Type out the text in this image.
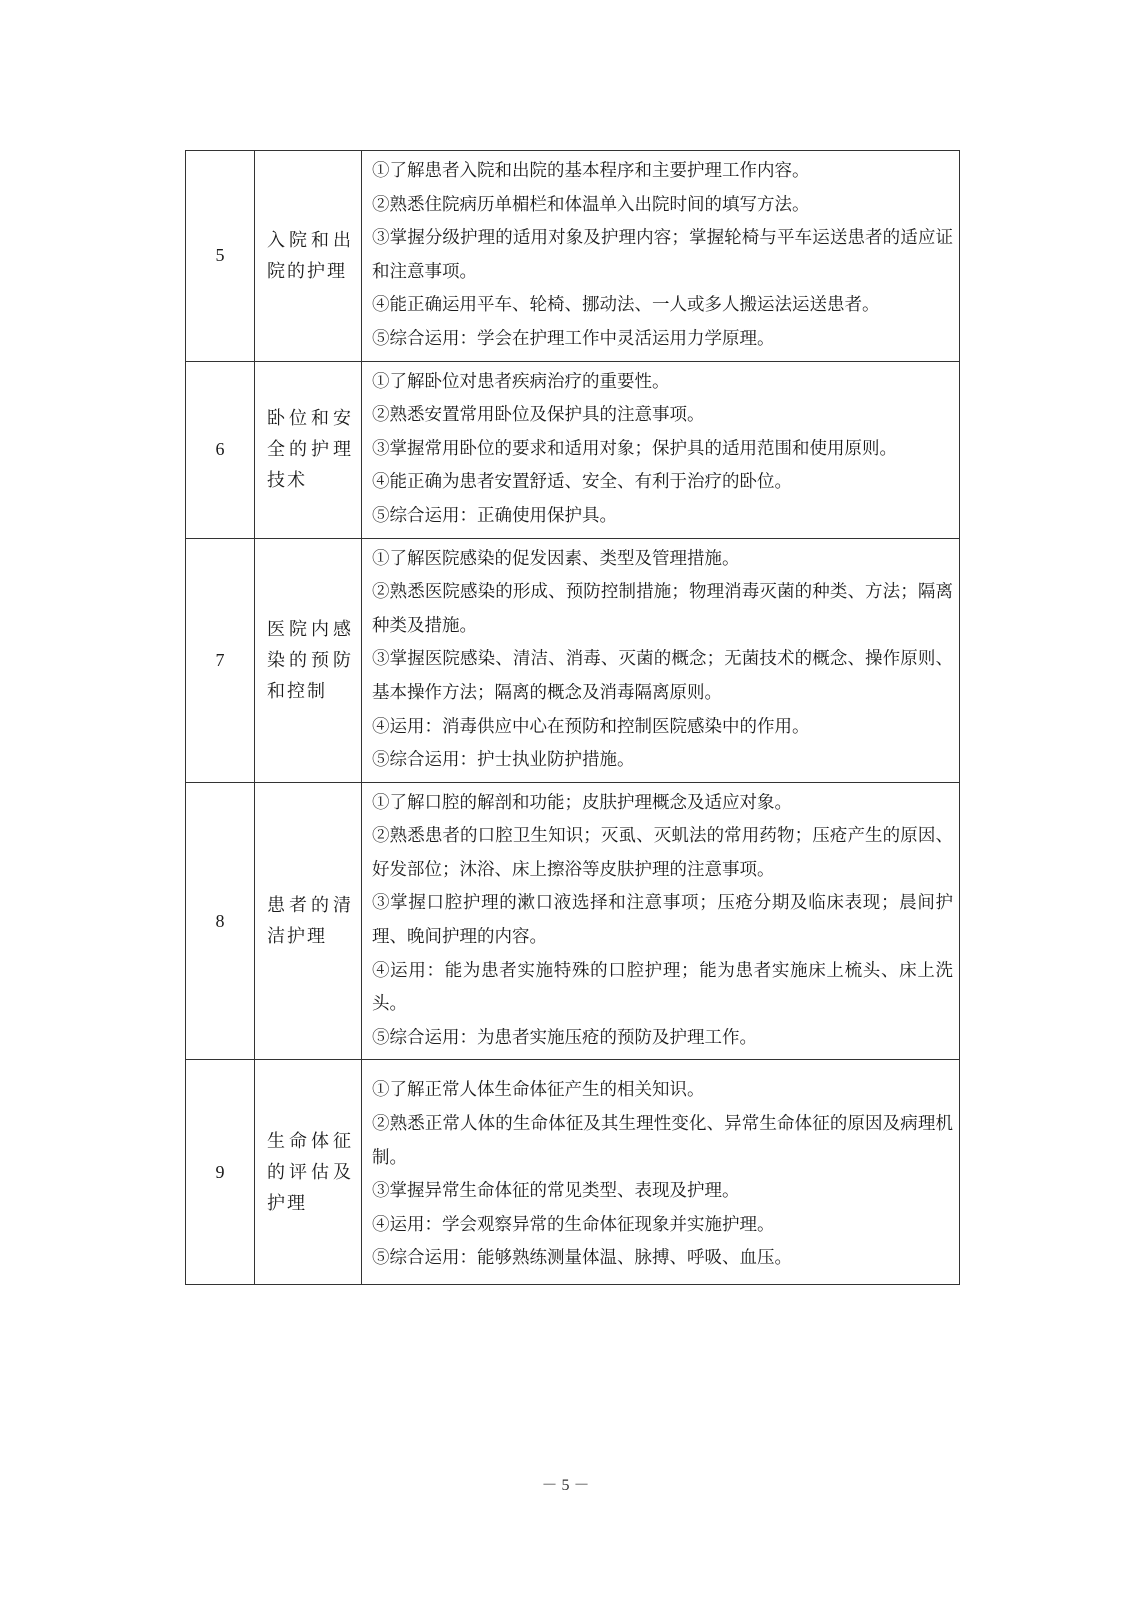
5	入院和出院的护理	①了解患者入院和出院的基本程序和主要护理工作内容。

②熟悉住院病历单楣栏和体温单入出院时间的填写方法。

③掌握分级护理的适用对象及护理内容；掌握轮椅与平车运送患者的适应证和注意事项。

④能正确运用平车、轮椅、挪动法、一人或多人搬运法运送患者。

⑤综合运用：学会在护理工作中灵活运用力学原理。

6	卧位和安全的护理技术	①了解卧位对患者疾病治疗的重要性。

②熟悉安置常用卧位及保护具的注意事项。

③掌握常用卧位的要求和适用对象；保护具的适用范围和使用原则。

④能正确为患者安置舒适、安全、有利于治疗的卧位。

⑤综合运用：正确使用保护具。

7	医院内感染的预防和控制	①了解医院感染的促发因素、类型及管理措施。

②熟悉医院感染的形成、预防控制措施；物理消毒灭菌的种类、方法；隔离种类及措施。

③掌握医院感染、清洁、消毒、灭菌的概念；无菌技术的概念、操作原则、基本操作方法；隔离的概念及消毒隔离原则。

④运用：消毒供应中心在预防和控制医院感染中的作用。

⑤综合运用：护士执业防护措施。

8	患者的清洁护理	①了解口腔的解剖和功能；皮肤护理概念及适应对象。

②熟悉患者的口腔卫生知识；灭虱、灭虮法的常用药物；压疮产生的原因、好发部位；沐浴、床上擦浴等皮肤护理的注意事项。

③掌握口腔护理的漱口液选择和注意事项；压疮分期及临床表现；晨间护理、晚间护理的内容。

④运用：能为患者实施特殊的口腔护理；能为患者实施床上梳头、床上洗头。

⑤综合运用：为患者实施压疮的预防及护理工作。

9	生命体征的评估及护理	①了解正常人体生命体征产生的相关知识。

②熟悉正常人体的生命体征及其生理性变化、异常生命体征的原因及病理机制。

③掌握异常生命体征的常见类型、表现及护理。

④运用：学会观察异常的生命体征现象并实施护理。

⑤综合运用：能够熟练测量体温、脉搏、呼吸、血压。

－ 5 －
